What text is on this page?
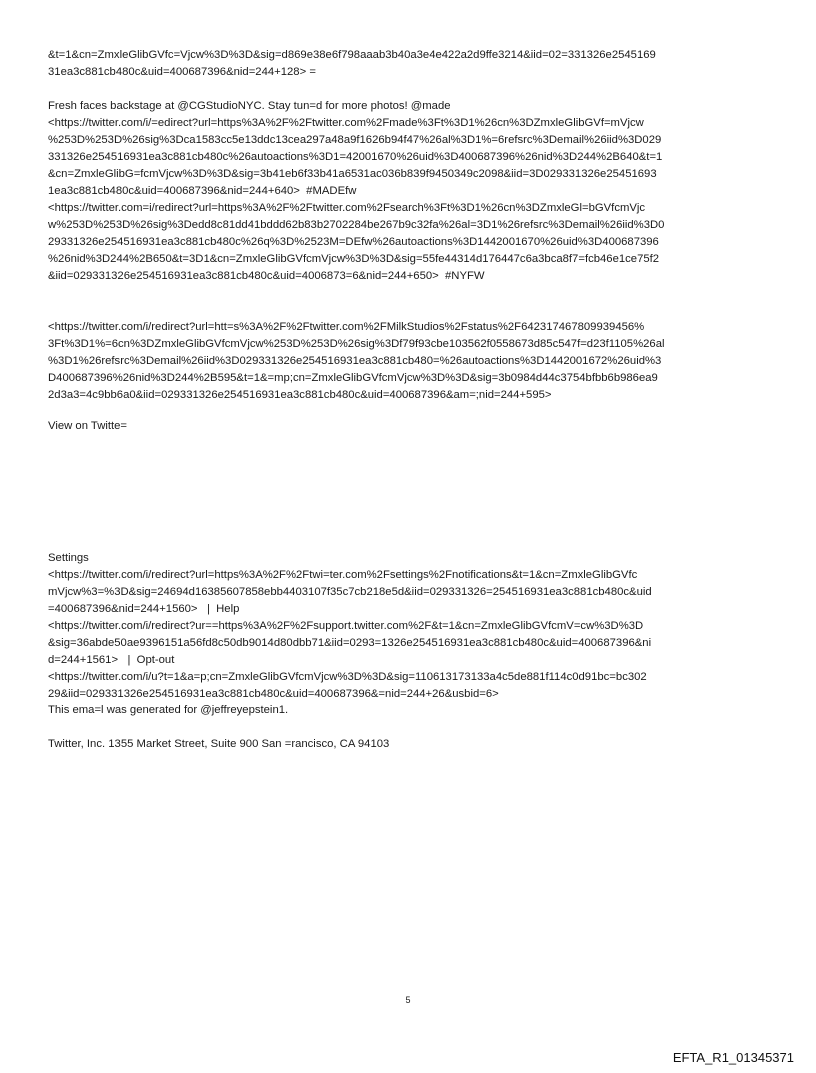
&t=1&cn=ZmxleGlibGVfc=Vjcw%3D%3D&sig=d869e38e6f798aaab3b40a3e4e422a2d9ffe3214&iid=02=331326e2545169
31ea3c881cb480c&uid=400687396&nid=244+128> =

Fresh faces backstage at @CGStudioNYC. Stay tun=d for more photos! @made
<https://twitter.com/i/=edirect?url=https%3A%2F%2Ftwitter.com%2Fmade%3Ft%3D1%26cn%3DZmxleGlibGVf=mVjcw
%253D%253D%26sig%3Dca1583cc5e13ddc13cea297a48a9f1626b94f47%26al%3D1%=6refsrc%3Demail%26iid%3D029
331326e254516931ea3c881cb480c%26autoactions%3D1=42001670%26uid%3D400687396%26nid%3D244%2B640&t=1
&cn=ZmxleGlibG=fcmVjcw%3D%3D&sig=3b41eb6f33b41a6531ac036b839f9450349c2098&iid=3D029331326e25451693
1ea3c881cb480c&uid=400687396&nid=244+640>  #MADEfw
<https://twitter.com=i/redirect?url=https%3A%2F%2Ftwitter.com%2Fsearch%3Ft%3D1%26cn%3DZmxleGl=bGVfcmVjc
w%253D%253D%26sig%3Dedd8c81dd41bddd62b83b2702284be267b9c32fa%26al=3D1%26refsrc%3Demail%26iid%3D0
29331326e254516931ea3c881cb480c%26q%3D%2523M=DEfw%26autoactions%3D1442001670%26uid%3D400687396
%26nid%3D244%2B650&t=3D1&cn=ZmxleGlibGVfcmVjcw%3D%3D&sig=55fe44314d176447c6a3bca8f7=fcb46e1ce75f2
&iid=029331326e254516931ea3c881cb480c&uid=4006873=6&nid=244+650>  #NYFW

<https://twitter.com/i/redirect?url=htt=s%3A%2F%2Ftwitter.com%2FMilkStudios%2Fstatus%2F642317467809939456%
3Ft%3D1%=6cn%3DZmxleGlibGVfcmVjcw%253D%253D%26sig%3Df79f93cbe103562f0558673d85c547f=d23f1105%26al
%3D1%26refsrc%3Demail%26iid%3D029331326e254516931ea3c881cb480=%26autoactions%3D1442001672%26uid%3
D400687396%26nid%3D244%2B595&t=1&=mp;cn=ZmxleGlibGVfcmVjcw%3D%3D&sig=3b0984d44c3754bfbb6b986ea9
2d3a3=4c9bb6a0&iid=029331326e254516931ea3c881cb480c&uid=400687396&am=;nid=244+595>

View on Twitte=

Settings
<https://twitter.com/i/redirect?url=https%3A%2F%2Ftwi=ter.com%2Fsettings%2Fnotifications&t=1&cn=ZmxleGlibGVfc
mVjcw%3=%3D&sig=24694d16385607858ebb4403107f35c7cb218e5d&iid=029331326=254516931ea3c881cb480c&uid
=400687396&nid=244+1560>   |  Help
<https://twitter.com/i/redirect?ur==https%3A%2F%2Fsupport.twitter.com%2F&t=1&cn=ZmxleGlibGVfcmV=cw%3D%3D
&sig=36abde50ae9396151a56fd8c50db9014d80dbb71&iid=0293=1326e254516931ea3c881cb480c&uid=400687396&ni
d=244+1561>   |  Opt-out
<https://twitter.com/i/u?t=1&a=p;cn=ZmxleGlibGVfcmVjcw%3D%3D&sig=110613173133a4c5de881f114c0d91bc=bc302
29&iid=029331326e254516931ea3c881cb480c&uid=400687396&=nid=244+26&usbid=6>

This ema=l was generated for @jeffreyepstein1.

Twitter, Inc. 1355 Market Street, Suite 900 San =rancisco, CA 94103

5
EFTA_R1_01345371
